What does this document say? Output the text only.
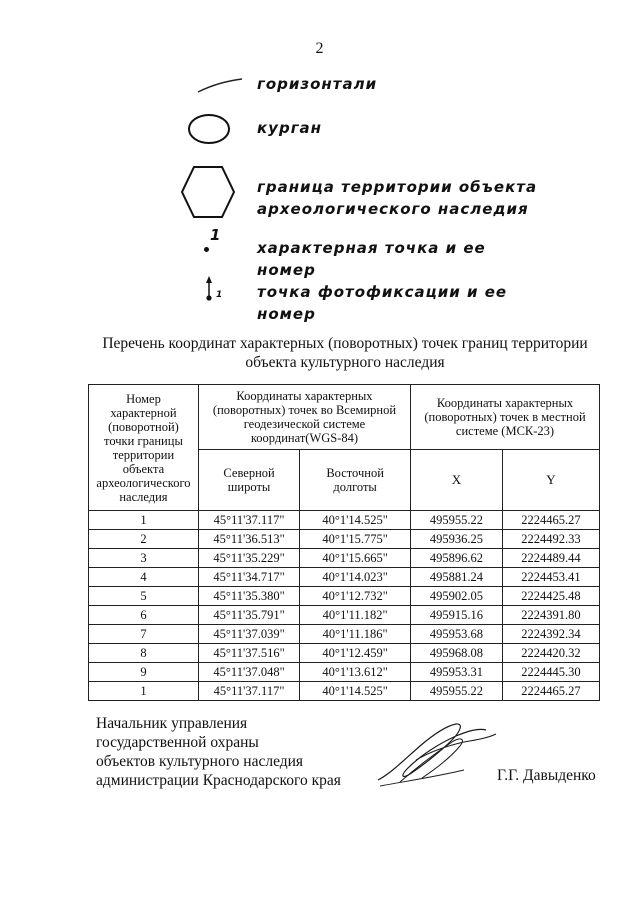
2
горизонтали
курган
граница территории объекта
археологического наследия
1
характерная точка и ее
номер
1 точка фотофиксации и ее
номер
Перечень координат характерных (поворотных) точек границ территории
объекта культурного наследия
Номер характерной (поворотной) точки границы территории объекта археологического наследия	Координаты характерных (поворотных) точек во Всемирной геодезической системе координат(WGS-84)		Координаты характерных (поворотных) точек в местной системе (МСК-23)	
	Северной широты	Восточной долготы	X	Y
1	45°11'37.117"	40°1'14.525"	495955.22	2224465.27
2	45°11'36.513"	40°1'15.775"	495936.25	2224492.33
3	45°11'35.229"	40°1'15.665"	495896.62	2224489.44
4	45°11'34.717"	40°1'14.023"	495881.24	2224453.41
5	45°11'35.380"	40°1'12.732"	495902.05	2224425.48
6	45°11'35.791"	40°1'11.182"	495915.16	2224391.80
7	45°11'37.039"	40°1'11.186"	495953.68	2224392.34
8	45°11'37.516"	40°1'12.459"	495968.08	2224420.32
9	45°11'37.048"	40°1'13.612"	495953.31	2224445.30
1	45°11'37.117"	40°1'14.525"	495955.22	2224465.27
Начальник управления
государственной охраны
объектов культурного наследия
администрации Краснодарского края	Г.Г. Давыденко
